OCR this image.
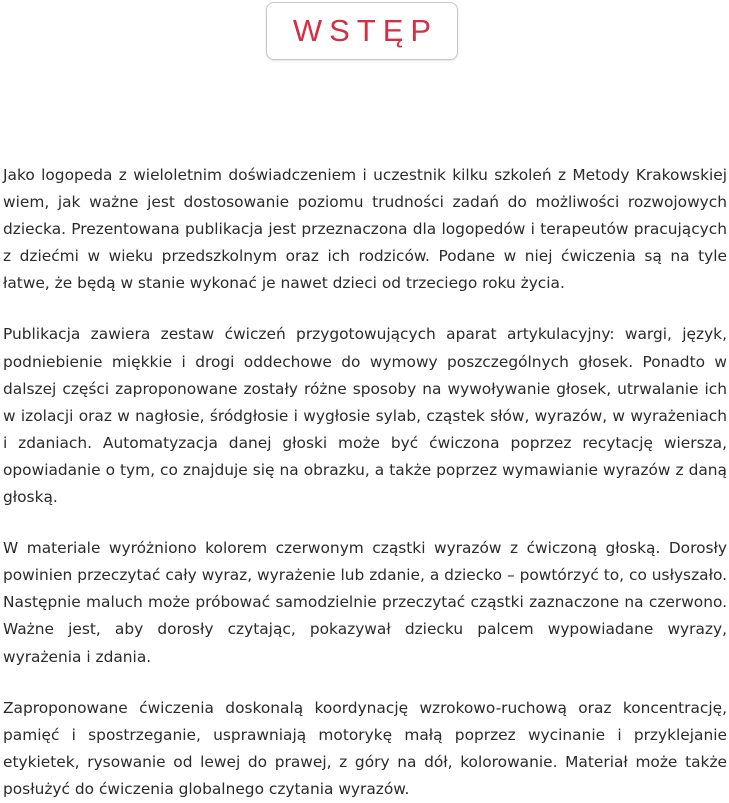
WSTĘP

Jako logopeda z wieloletnim doświadczeniem i uczestnik kilku szkoleń z Metody Krakowskiej wiem, jak ważne jest dostosowanie poziomu trudności zadań do możliwości rozwojowych dziecka. Prezentowana publikacja jest przeznaczona dla logopedów i terapeutów pracujących z dziećmi w wieku przedszkolnym oraz ich rodziców. Podane w niej ćwiczenia są na tyle łatwe, że będą w stanie wykonać je nawet dzieci od trzeciego roku życia.

Publikacja zawiera zestaw ćwiczeń przygotowujących aparat artykulacyjny: wargi, język, podniebienie miękkie i drogi oddechowe do wymowy poszczególnych głosek. Ponadto w dalszej części zaproponowane zostały różne sposoby na wywoływanie głosek, utrwalanie ich w izolacji oraz w nagłosie, śródgłosie i wygłosie sylab, cząstek słów, wyrazów, w wyrażeniach i zdaniach. Automatyzacja danej głoski może być ćwiczona poprzez recytację wiersza, opowiadanie o tym, co znajduje się na obrazku, a także poprzez wymawianie wyrazów z daną głoską.

W materiale wyróżniono kolorem czerwonym cząstki wyrazów z ćwiczoną głoską. Dorosły powinien przeczytać cały wyraz, wyrażenie lub zdanie, a dziecko – powtórzyć to, co usłyszało. Następnie maluch może próbować samodzielnie przeczytać cząstki zaznaczone na czerwono. Ważne jest, aby dorosły czytając, pokazywał dziecku palcem wypowiadane wyrazy, wyrażenia i zdania.

Zaproponowane ćwiczenia doskonalą koordynację wzrokowo-ruchową oraz koncentrację, pamięć i spostrzeganie, usprawniają motorykę małą poprzez wycinanie i przyklejanie etykietek, rysowanie od lewej do prawej, z góry na dół, kolorowanie. Materiał może także posłużyć do ćwiczenia globalnego czytania wyrazów.
